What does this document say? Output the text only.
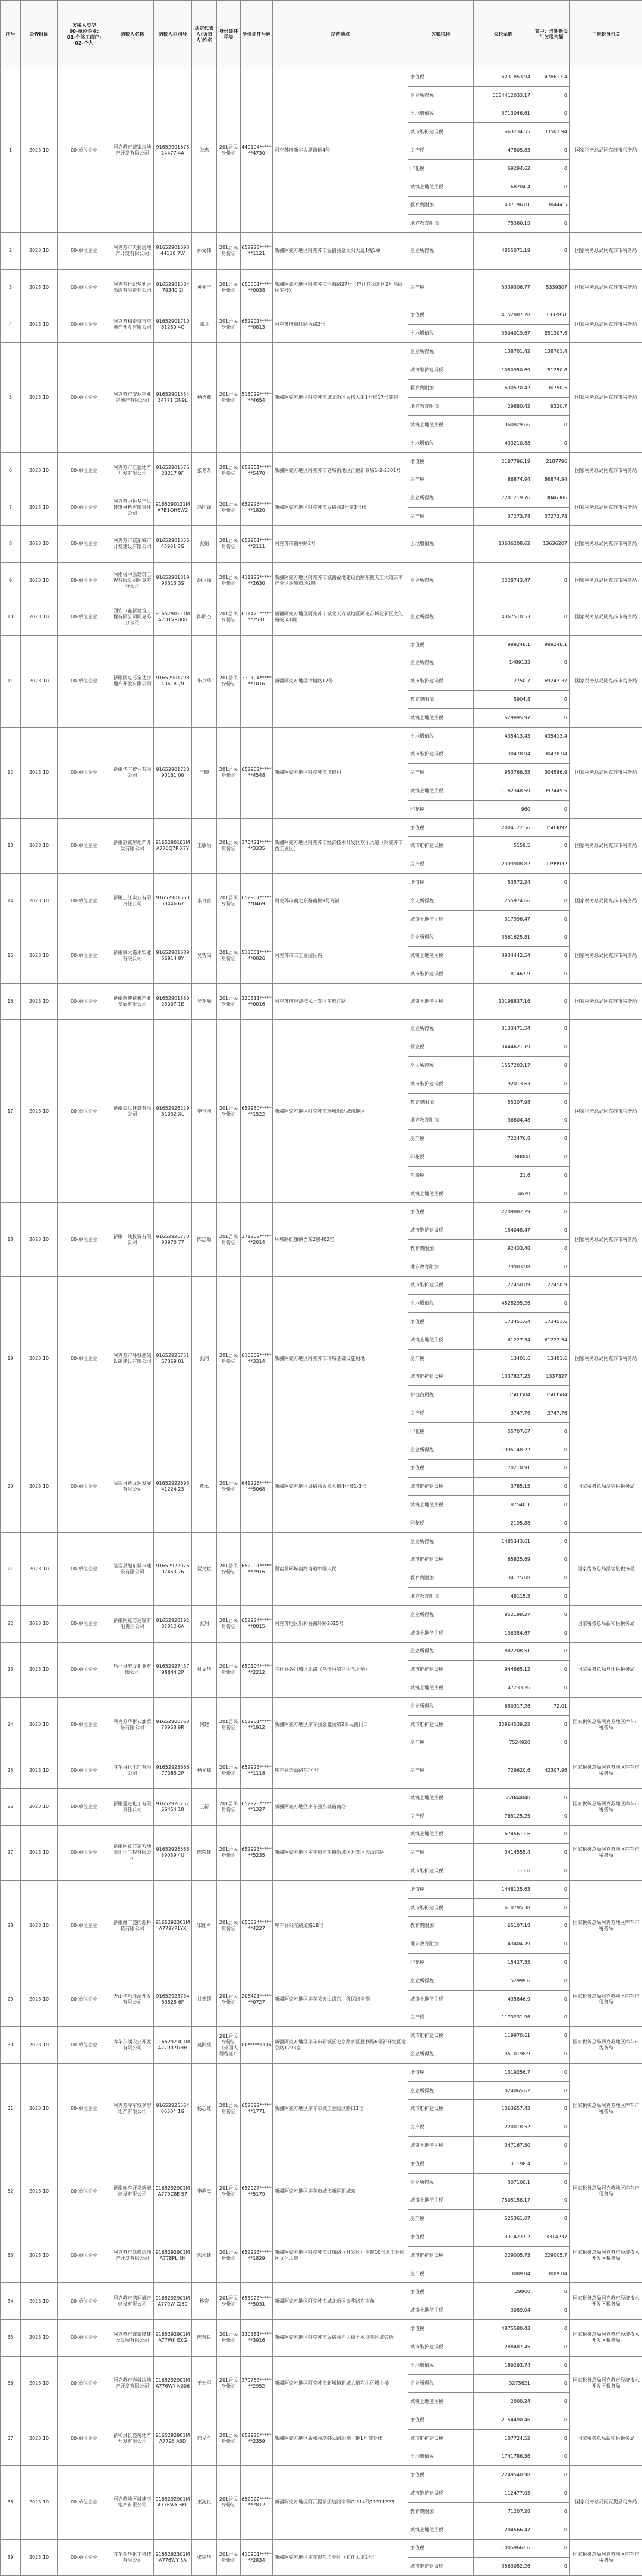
序号	公告时间	欠税人类型
00-单位企业;
01-个体工商户;
02-个人	纳税人名称	纳税人识别号	法定代表人(负责人)姓名	身份证件种类	身份证件号码	经营地点	欠税税种	欠税余额	其中：当期新发生欠税余额	主管税务机关
1	2023.10	00-单位企业	阿克苏市诚案房地产开发有限公司	9165290167524477 4A	张忠	201居民身份证	440104*******4730	阿克苏市新华大厦南侧4号	增值税	6231853.94	478613.4	国家税务总局阿克苏市税务局
									企业所得税	6634412033.17	0	
									土地增值税	5713046.61	0	
									城市维护建设税	663234.55	33502.94	
									房产税	47805.83	0	
									印花税	69294.62	0	
									城镇土地使用税	68204.4	0	
									教育费附加	437196.01	30444.5	
									地方教育附加	75360.19	0	
2	2023.10	00-单位企业	阿克苏市天捷房地产开发有限公司	9165290169344110 7W	孙文伟	201居民身份证	652928*******1121	新疆阿克苏地区阿克苏市温宿县金太阳大厦1幢1单	企业所得税	4855071.19	0	国家税务总局阿克苏市税务局
3	2023.10	00-单位企业	阿克苏世纪华利大酒店有限责任公司	9165290158479340 2J	黄亦宝	201居民身份证	650001*******0038	新疆阿克苏地区阿克苏市沿海路27号（巴什花园北区2号高层住宅楼）	房产税	5339306.77	5339307	国家税务总局阿克苏市税务局
4	2023.10	00-单位企业	阿克苏和泰城市房地产开发有限公司	9165290171081280 4C	郭龙	201居民身份证	652901*******0813	阿克苏市南环路西路2号	增值税	4152887.28	1332851	国家税务总局阿克苏市税务局
									土地增值税	3504019.67	851307.6	
5	2023.10	00-单位企业	阿克苏市安达物业房地产有限公司	9165290155434771 QN9L	杨勇燕	201居民身份证	513029*******4654	新疆阿克苏地区阿克苏市城北新区温宿大街1号楼17号商铺	企业所得税	138701.42	138701.4	国家税务总局阿克苏市税务局
									城市维护建设税	1050950.69	51250.8	
									教育费附加	630570.42	30750.5	
									地方教育附加	29680.42	9320.7	
									城镇土地使用税	360829.66	0	
									土地增值税	433210.88	0	
6	2023.10	00-单位企业	阿克苏市汇德地产开发有限公司	9165290157623217 9F	张冬升	201居民身份证	652301*******5470	新疆阿克苏地区阿克苏市老城南地区汇德新景城1-2-2301号	增值税	2187796.19	2187796	国家税务总局阿克苏市税务局
									房产税	86874.94	86874.94	
7	2023.10	00-单位企业	阿克苏中恒华丰远建筑材料有限责任公司	9165290131MA7B1QH6W2	冯国锋	201居民身份证	652926*******1820	新疆阿克苏地区阿克苏市温宿县2号镇3号楼	企业所得税	7201219.76	3046306	国家税务总局阿克苏市税务局
									房产税	37273.78	37273.78	
8	2023.10	00-单位企业	阿克苏市诚东城市开发建设有限公司	9165290155645901 3G	张娟	201居民身份证	652901*******2111	阿克苏市南中路2号	土地增值税	13636208.62	13636207	国家税务总局阿克苏市税务局
9	2023.10	00-单位企业	河南省中原建筑工程有限公司阿克苏分公司	9165290131993313 3S	胡少强	201居民身份证	411122*******2630	新疆阿克苏地区阿克苏市城南福地建设西路东侧天王大道东南产业区金黑市场2幢	企业所得税	2228743.47	0	国家税务总局阿克苏市税务局
10	2023.10	00-单位企业	西安市鑫新建筑工程有限公司阿克苏分公司	9165290131MA7D1VRU00	陈明杰	201居民身份证	611425*******2531	新疆阿克苏地区阿克苏市城北天齐城地区阿克苏城北新区文化路的 A1幢	企业所得税	4367510.53	0	国家税务总局阿克苏市税务局
11	2023.10	00-单位企业	新疆阿克苏宝达房地产开发有限公司	9165290179810618 79	朱京华	201居民身份证	110104*******1016	新疆阿克苏地区中塘路17号	增值税	989248.1	989248.1	国家税务总局阿克苏市税务局
									企业所得税	1489133	0	
									城市维护建设税	112750.7	69247.37	
									教育费附加	5904.8	0	
									城镇土地使用税	629895.97	0	
12	2023.10	00-单位企业	新疆华丰置业有限公司	9165290172090161 00	王晓	201居民身份证	652902*******4548	新疆阿克苏地区阿克苏市博锦村	土地增值税	435413.43	435413.4	国家税务总局阿克苏市税务局
									城市维护建设税	30478.94	30478.94	
									房产税	953766.55	304586.9	
									城镇土地使用税	1182348.59	397449.5	
									印花税	960	0	
13	2023.10	00-单位企业	新疆旅诚房地产开发有限公司	9165290101MA776Q7P X7Y	王敏洪	201居民身份证	370421*******3335	新疆阿克苏地区阿克苏市经济技术开发区欢乐大道（阿克苏市西工业区）	增值税	2004122.56	1503092	国家税务总局阿克苏市税务局
									城市维护建设税	5159.5	0	
									房产税	2399908.82	1799932	
14	2023.10	00-单位企业	新疆正江实业有限责任公司	9165290156053446 67	李贵富	201居民身份证	652901*******0469	阿克苏市南北东路南侧9号商铺	增值税	53572.24	0	国家税务总局阿克苏市税务局
									个人所得税	255974.66	0	
									城镇土地使用税	317996.47	0	
15	2023.10	00-单位企业	新疆康大嘉水实业有限公司	9165290168956914 8Y	吴智岗	201居民身份证	513001*******0026	阿克苏市二工业园区内	企业所得税	3561625.81	0	国家税务总局阿克苏市税务局
									城镇土地使用税	3934442.54	0	
									城市维护建设税	81467.9	0	
16	2023.10	00-单位企业	新疆新迎花机产业发展有限公司	9165290158023007 1E	吴翔峰	201居民身份证	320311*******0016	阿克苏市经济技术开发区东渠江路	城镇土地使用税	10198837.16	0	国家税务总局阿克苏市税务局
17	2023.10	00-单位企业	新疆盈远建设有限公司	9165292622951032 XL	李玉南	201居民身份证	652930*******1522	新疆阿克苏地区阿克苏市环城新路城南地区	企业所得税	3133471.54	0	国家税务总局阿克苏市税务局
									营业税	3444621.19	0	
									个人所得税	1557203.17	0	
									城市维护建设税	92013.63	0	
									教育费附加	55207.98	0	
									地方教育附加	36804.48	0	
									房产税	722476.8	0	
									印花税	180000	0	
									车船税	21.6	0	
									城镇土地使用税	4620	0	
18	2023.10	00-单位企业	新疆一线投资有限公司	9165292677093970 77	陈忠顺	201居民身份证	371202*******2014	环城路红旗镇吾东2幢402室	增值税	2209882.29	0	国家税务总局阿克苏市税务局
									城市维护建设税	154048.47	0	
									教育费附加	92433.48	0	
									地方教育附加	79903.98	0	
19	2023.10	00-单位企业	阿克苏市环城基础设施建设有限公司	9165292675167369 01	张鸿	201居民身份证	610802*******3314	新疆阿克苏地区阿克苏市环城基础设施用地	城市维护建设税	122450.89	122450.9	国家税务总局阿克苏市税务局
									土地增值税	4528295.26	0	
									增值税	173451.64	173451.6	
									城镇土地使用税	61227.54	61227.54	
									房产税	13401.6	13401.6	
									城市维护建设税	1337827.25	1337827	
									耕地占用税	1503504	1503504	
									房产税	3747.76	3747.76	
									印花税	55707.67	0	
20	2023.10	00-单位企业	温宿县新龙运发展有限公司	9165292269341224 23	董永	201居民身份证	641226*******5068	新疆阿克苏地区温宿县温泉大道4号楼1-3号	企业所得税	1995148.22	0	国家税务总局温宿县税务局
									增值税	170210.91	0	
									城市维护建设税	3785.15	0	
									城镇土地使用税	187540.1	0	
									印花税	2195.88	0	
21	2023.10	00-单位企业	温宿县旭东城市建设有限公司	9165292207607453 76	贺文斌	201居民身份证	652901*******2916	温宿县环城南路南道中国人民	企业所得税	1485343.61	0	国家税务总局温宿县税务局
									城市维护建设税	65825.69	0	
									教育费附加	34175.08	0	
									地方教育附加	48115.5	0	
22	2023.10	00-单位企业	新疆阿克苏运输有限责任公司	9165292819282812 6A	张翔	201居民身份证	652924*******0015	阿克苏地区新和县南环路2015号	企业所得税	852198.27	0	国家税务总局新和县税务局
									城镇土地使用税	136354.67	0	
23	2023.10	00-单位企业	乌什县旅文化业有限公司	9165292745798644 2P	付文华	201居民身份证	650104*******2212	乌什县各门城区北路（乌什县第三中学北侧）	企业所得税	882208.51	0	国家税务总局乌什县税务局
									城市维护建设税	944665.12	0	
									城镇土地使用税	47233.26	0	
24	2023.10	00-单位企业	阿克苏华彬石油贸易有限公司	9165290076378968 9R	何建	201居民身份证	652901*******1912	新疆阿克苏地区库车县金鑫园第2单元南门口	企业所得税	680317.26	72.01	国家税务总局阿克苏地区库车市税务局
									城市维护建设税	12964539.22	0	
									房产税	7524920	0	
25	2023.10	00-单位企业	库车县化工厂有限公司	9165292366677085 2P	杨光栋	201居民身份证	652923*******1118	库车县天山路东44号	房产税	729620.6	42307.96	国家税务总局阿克苏地区库车市税务局
26	2023.10	00-单位企业	新疆爱进化工有限责任公司	9165292675766454 18	王新	201居民身份证	652923*******1327	新疆阿克苏地区库车县东城路商场	城镇土地使用税	22844040	0	国家税务总局阿克苏地区库车市税务局
									房产税	765125.25	0	
27	2023.10	00-单位企业	新疆阿克苏东方地质地化工程有限公司	9165292656889089 4U	陈荣建	201居民身份证	652923*******5235	新疆阿克苏地区库车市库车镇新城区开发区天山东路	城镇土地使用税	6745611.6	0	国家税务总局阿克苏地区库车市税务局
									房产税	3414555.4	0	
									城市维护建设税	111.6	0	
28	2023.10	00-单位企业	新疆融丰盛能源科技有限公司	9165292301MA779YP1YX	宋红军	201居民身份证	650324*******4227	库车县阳光路道路18号	增值税	1448125.63	0	国家税务总局阿克苏地区库车市税务局
									城市维护建设税	610795.38	0	
									教育费附加	65107.18	0	
									地方教育附加	43404.79	0	
									印花税	15427.55	0	
29	2023.10	00-单位企业	天山华禾能源开发有限公司	9165292375453525 6F	甘德超	201居民身份证	206421*******0727	新疆阿克苏地区库车县天山路东、移民路南侧	企业所得税	152999.6	0	国家税务总局阿克苏地区库车市税务局
									城镇土地使用税	435846.9	0	
									房产税	1179231.96	0	
30	2023.10	00-单位企业	库车东湖农业开发有限公司	9165292301MA779R7UHH	莫刚兵	201居民身份证（外国人居留证）	00*****1106	新疆阿克苏地区库车市新城区北京路乡区胜利路6号新开发区北京路1203室	城市维护建设税	119970.61	0	国家税务总局阿克苏地区库车市税务局
									企业所得税	3510198.9	0	
31	2023.10	00-单位企业	阿克苏库车城乡房地产有限公司	9165292556406304 1G	杨志红	201居民身份证	652322*******1771	新疆阿克苏地区库车市城工业园区路口3号	增值税	1319256.7	0	国家税务总局阿克苏地区库车市税务局
									企业所得税	1024065.62	0	
									城市维护建设税	1063657.43	0	
									房产税	220018.52	0	
									城镇土地使用税	347167.50	0	
32	2023.10	00-单位企业	新疆库车开发新城建设有限公司	9165292901MA779C8E 57	李鸿杰	201居民身份证	652927*******5179	新疆阿克苏地区库车市城市新区新城东	增值税	131198.4	0	国家税务总局阿克苏地区库车市税务局
									企业所得税	307100.1	0	
									城镇土地使用税	7505158.17	0	
									房产税	525361.07	0	
33	2023.10	00-单位企业	阿克苏市凯峰房地产开发有限公司	9165292901MA778PL 3H	郭永建	201居民身份证	652923*******1829	新疆阿克苏地区阿克苏市红旗路（开发区）南侧10号北工业园区文化大厦	增值税	3314237.2	3314237	国家税务总局阿克苏市经济技术开发区税务局
									城市维护建设税	229005.73	229005.7	
									房产税	3089.04	3089.04	
34	2023.10	00-单位企业	阿克苏市鸿运城市建设有限公司	9165292901MA779W GJ50	林宏	201居民身份证	653023*******5031	新疆阿克苏地区阿克苏市城北新区金华路东南角	增值税	29900	0	国家税务总局阿克苏市经济技术开发区税务局
									城镇土地使用税	3089.04	0	
35	2023.10	00-单位企业	阿克苏市鑫泰隆建设发展有限公司	9165292901MA77WK EXG	陈春良	201居民身份证	330381*******3916	新疆阿克苏地区阿克苏市温宿县西大街土木沙尔区域旁边	增值税	4875580.43	0	国家税务总局阿克苏市经济技术开发区税务局
									城市维护建设税	288487.45	0	
36	2023.10	00-单位企业	阿克苏市春城房地产开发有限公司	9165292901MA776WY N006	王宏军	201居民身份证	370783*******2952	新疆阿克苏地区阿克苏市新城镇新城大道东小区城中楼	土地增值税	189293.74	0	国家税务总局阿克苏市经济技术开发区税务局
									企业所得税	3275621	0	
									城镇土地使用税	2000.24	0	
37	2023.10	00-单位企业	新和县长盛房地产开发有限公司	9165292901MA7796 A5D	何光全	201居民身份证	652926*******2359	新疆阿克苏地区新和县塔韩公路北侧一期1号商业楼	增值税	2154490.46	0	国家税务总局新和县税务局
									城市维护建设税	107724.52	0	
									土地增值税	1741786.36	0	
38	2023.10	00-单位企业	阿克苏地区城建房地产有限公司	9165292901MA776WY 6KL	王海良	201居民身份证	652922*******2812	新疆阿克苏地区阿瓦提县团结路南侧G-314线11211223	增值税	2249540.98	0	国家税务总局阿瓦提县税务局
									城市维护建设税	112477.05	0	
									教育费附加	71207.28	0	
									城镇土地使用税	204566.47	0	
39	2023.10	00-单位企业	库车金华化工科技有限公司	9165292301MA776WY 5A	张锦华	201居民身份证	410901*******2834	新疆阿克苏地区库车市东工业区（石化大道2号）	增值税	10059662.6	0	国家税务总局阿克苏地区库车市税务局
									城市维护建设税	3563052.26	0	
